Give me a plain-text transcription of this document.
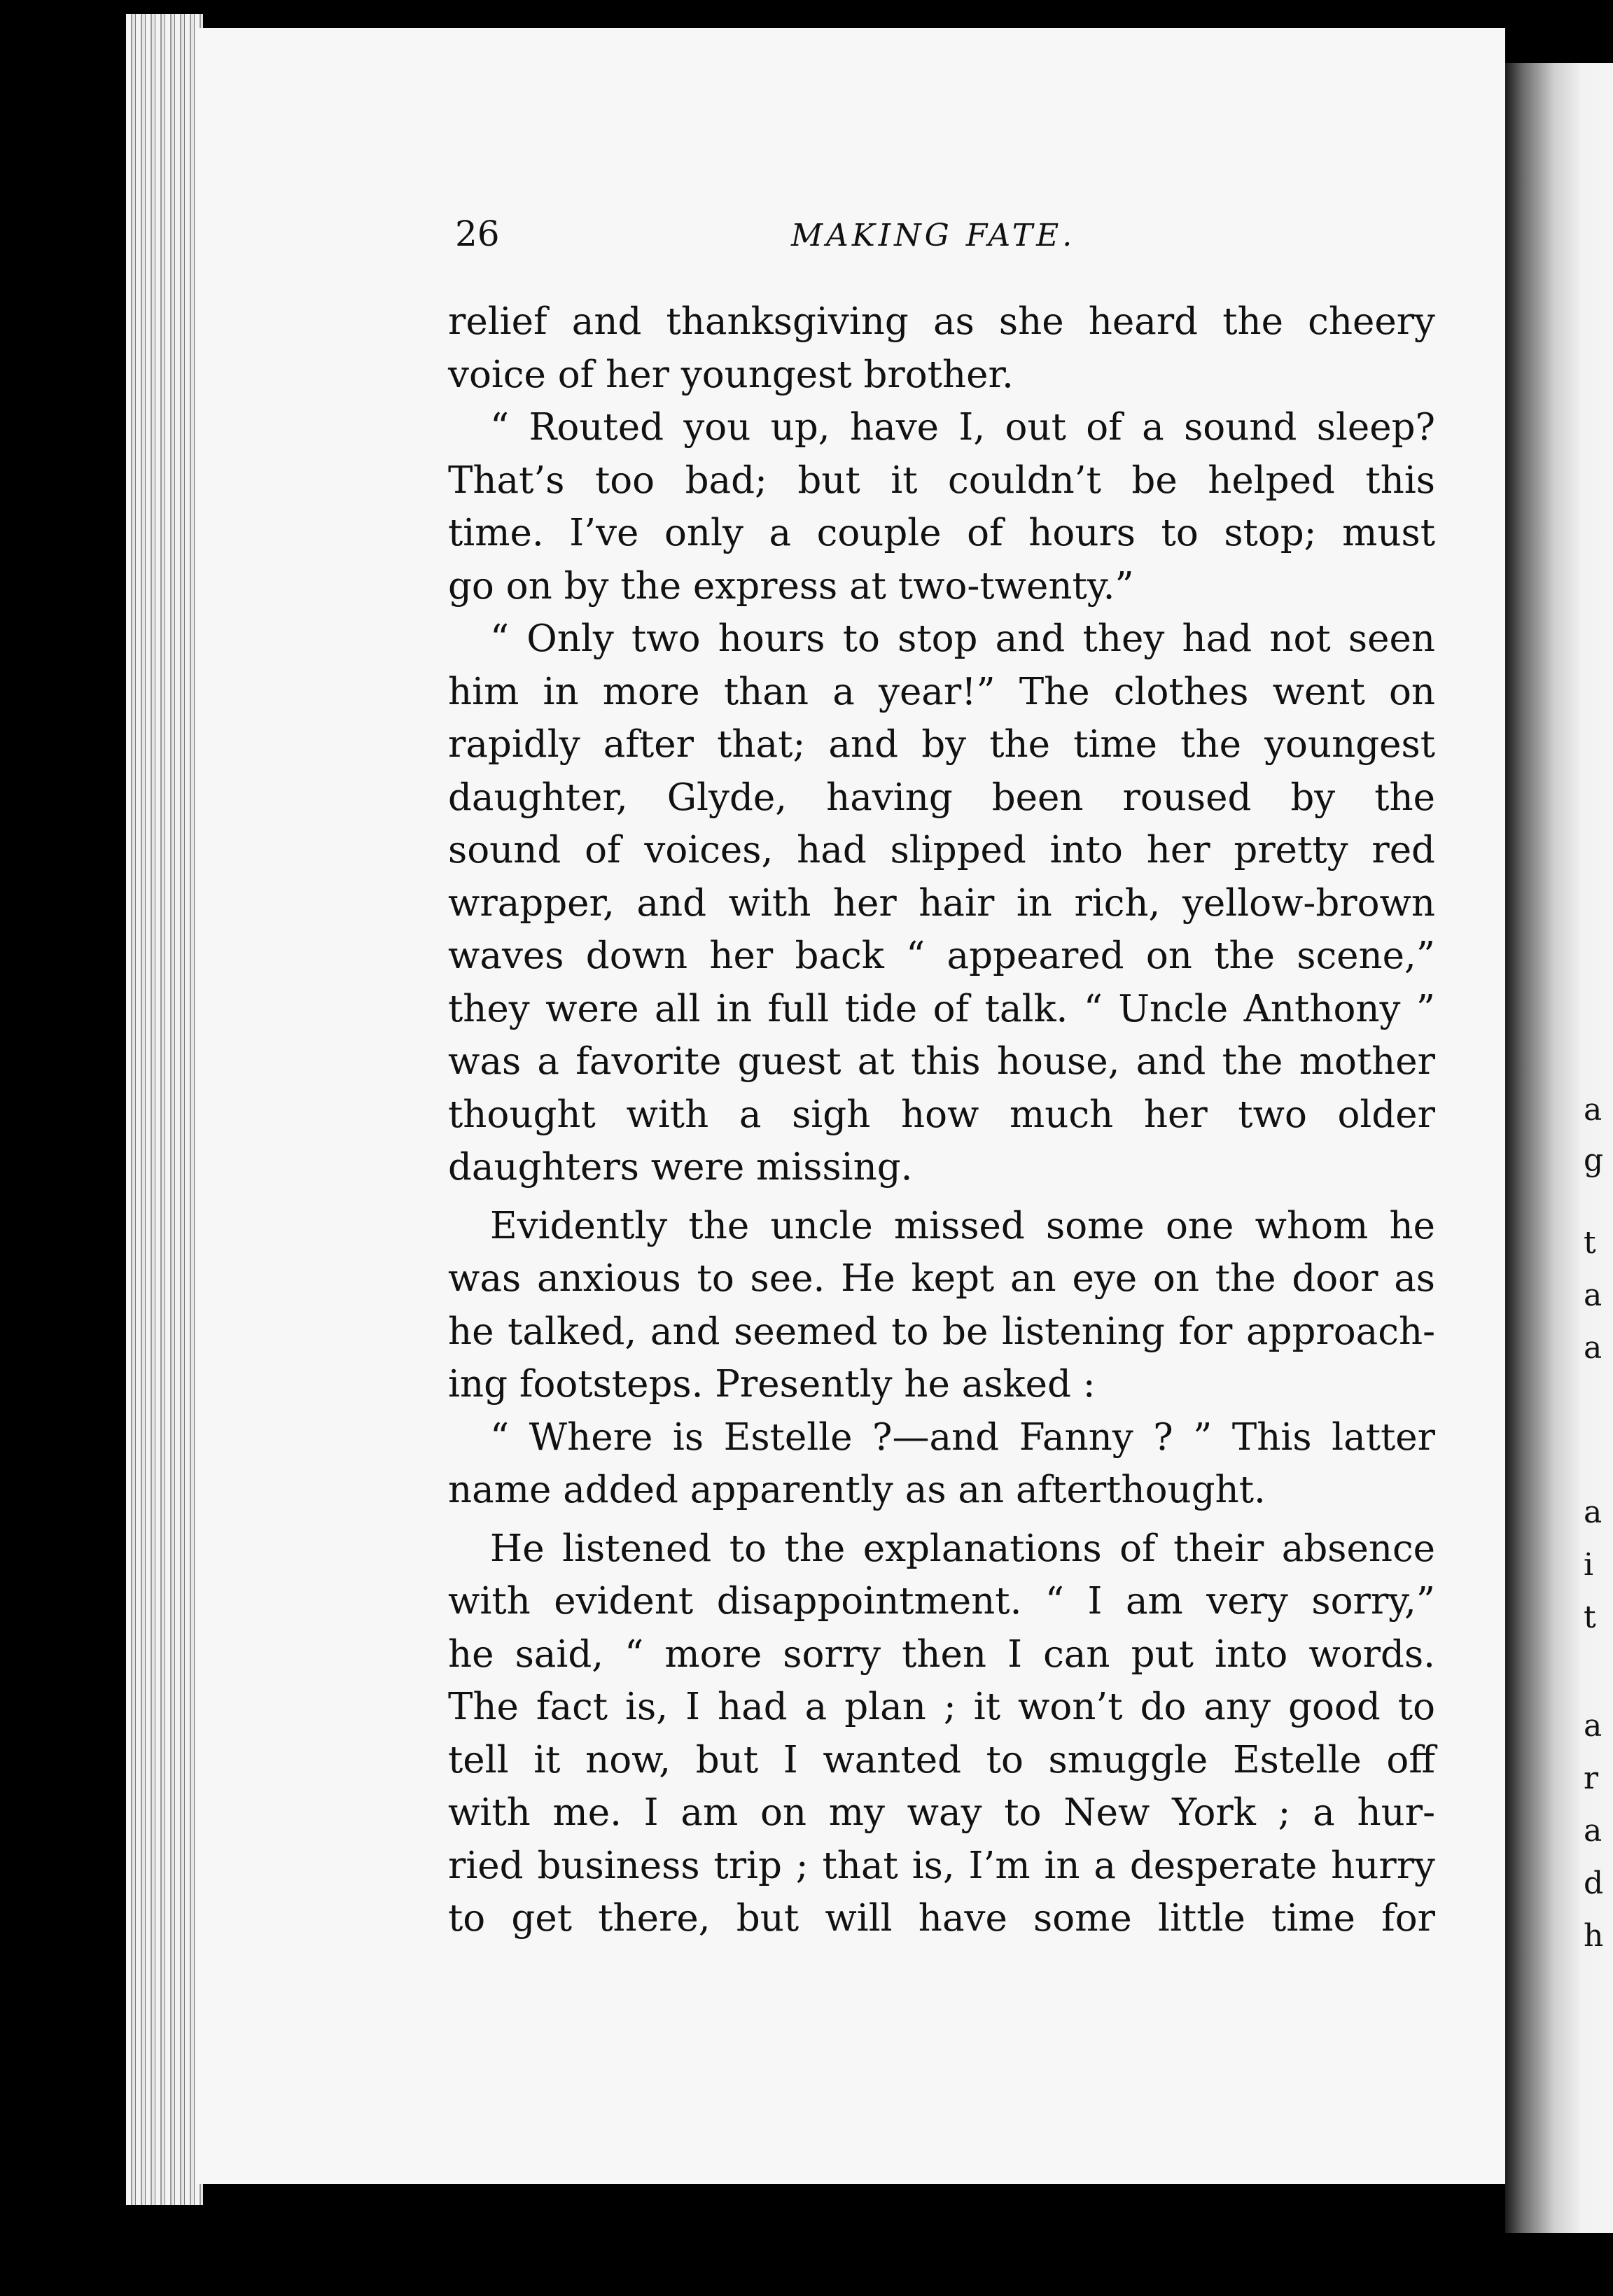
a
g
t
a
a
a
i
t
a
r
a
d
h
26	MAKING FATE.
relief and thanksgiving as she heard the cheery
voice of her youngest brother.
“ Routed you up, have I, out of a sound sleep?
That’s too bad; but it couldn’t be helped this
time. I’ve only a couple of hours to stop; must
go on by the express at two-twenty.”
“ Only two hours to stop and they had not seen
him in more than a year!” The clothes went on
rapidly after that; and by the time the youngest
daughter, Glyde, having been roused by the
sound of voices, had slipped into her pretty red
wrapper, and with her hair in rich, yellow-brown
waves down her back “ appeared on the scene,”
they were all in full tide of talk. “ Uncle Anthony ”
was a favorite guest at this house, and the mother
thought with a sigh how much her two older
daughters were missing.
Evidently the uncle missed some one whom he
was anxious to see. He kept an eye on the door as
he talked, and seemed to be listening for approach-
ing footsteps. Presently he asked :
“ Where is Estelle ?—and Fanny ? ” This latter
name added apparently as an afterthought.
He listened to the explanations of their absence
with evident disappointment. “ I am very sorry,”
he said, “ more sorry then I can put into words.
The fact is, I had a plan ; it won’t do any good to
tell it now, but I wanted to smuggle Estelle off
with me. I am on my way to New York ; a hur-
ried business trip ; that is, I’m in a desperate hurry
to get there, but will have some little time for
